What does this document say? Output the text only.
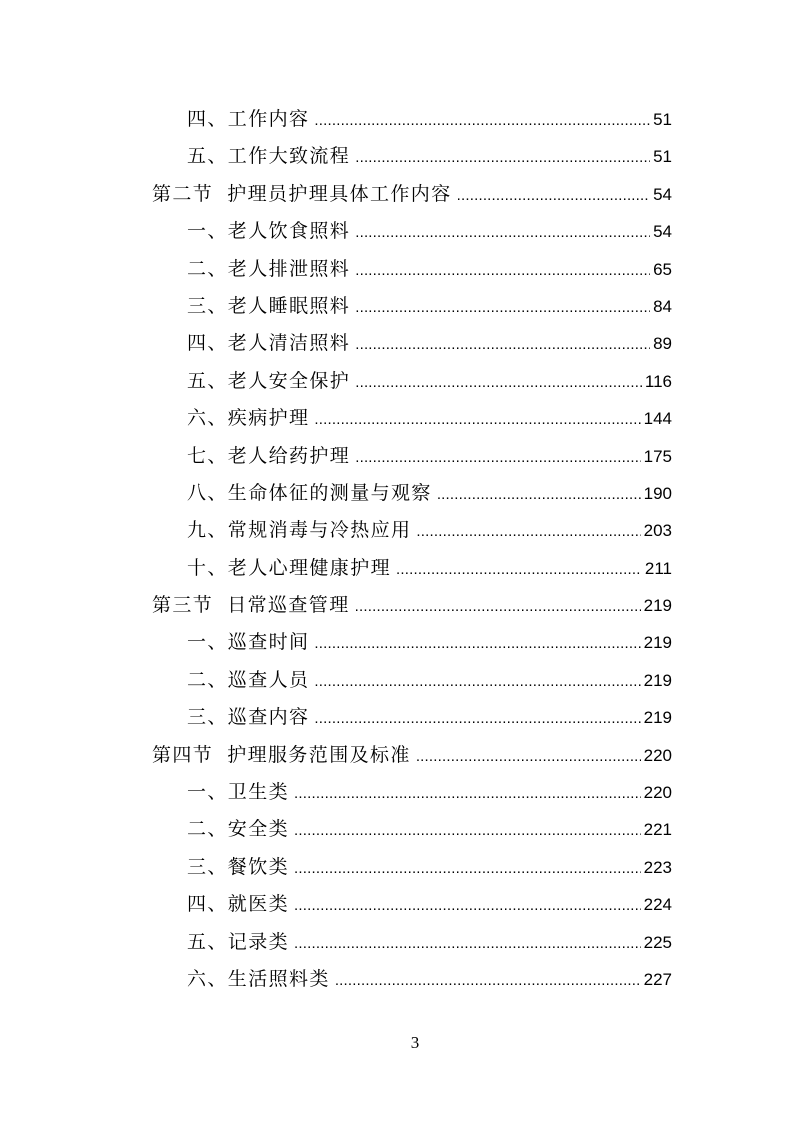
四、工作内容 .....	51
五、工作大致流程 .....	51
第二节 护理员护理具体工作内容 .....	54
一、老人饮食照料 .....	54
二、老人排泄照料 .....	65
三、老人睡眠照料 .....	84
四、老人清洁照料 .....	89
五、老人安全保护 .....	116
六、疾病护理 .....	144
七、老人给药护理 .....	175
八、生命体征的测量与观察 .....	190
九、常规消毒与冷热应用 .....	203
十、老人心理健康护理 .....	211
第三节 日常巡查管理 .....	219
一、巡查时间 .....	219
二、巡查人员 .....	219
三、巡查内容 .....	219
第四节 护理服务范围及标准 .....	220
一、卫生类 .....	220
二、安全类 .....	221
三、餐饮类 .....	223
四、就医类 .....	224
五、记录类 .....	225
六、生活照料类 .....	227
3
